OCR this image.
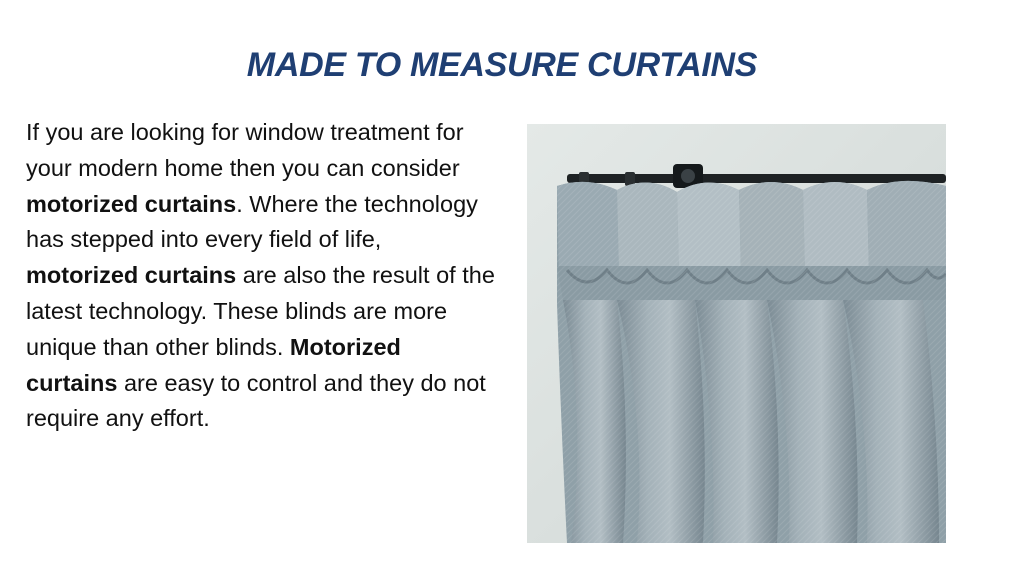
MADE TO MEASURE CURTAINS

If you are looking for window treatment for your modern home then you can consider motorized curtains. Where the technology has stepped into every field of life, motorized curtains are also the result of the latest technology. These blinds are more unique than other blinds. Motorized curtains are easy to control and they do not require any effort.
